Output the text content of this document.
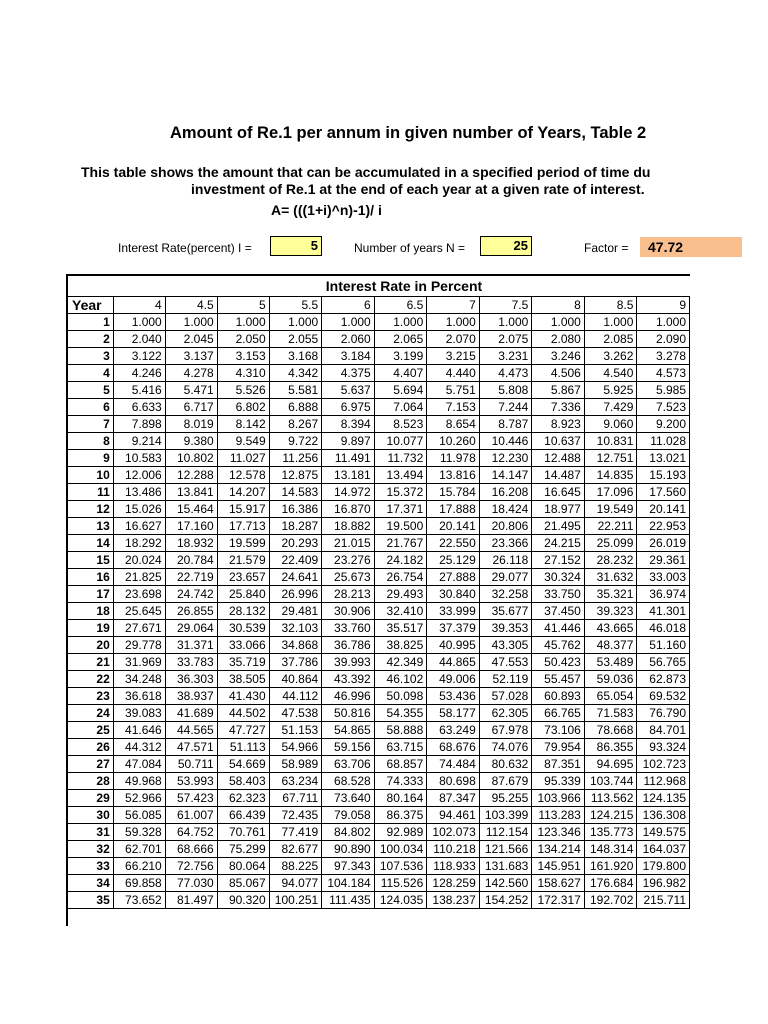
Amount of Re.1 per annum in given number of Years, Table 2
This table shows the amount that can be accumulated in a specified period of time du
investment of Re.1 at the end of each year at a given rate of interest.
A= (((1+i)^n)-1)/ i
Interest Rate(percent) I =	5	Number of years N =	25	Factor =	47.72
Interest Rate in Percent
Year	4	4.5	5	5.5	6	6.5	7	7.5	8	8.5	9
1	1.000	1.000	1.000	1.000	1.000	1.000	1.000	1.000	1.000	1.000	1.000
2	2.040	2.045	2.050	2.055	2.060	2.065	2.070	2.075	2.080	2.085	2.090
3	3.122	3.137	3.153	3.168	3.184	3.199	3.215	3.231	3.246	3.262	3.278
4	4.246	4.278	4.310	4.342	4.375	4.407	4.440	4.473	4.506	4.540	4.573
5	5.416	5.471	5.526	5.581	5.637	5.694	5.751	5.808	5.867	5.925	5.985
6	6.633	6.717	6.802	6.888	6.975	7.064	7.153	7.244	7.336	7.429	7.523
7	7.898	8.019	8.142	8.267	8.394	8.523	8.654	8.787	8.923	9.060	9.200
8	9.214	9.380	9.549	9.722	9.897	10.077	10.260	10.446	10.637	10.831	11.028
9	10.583	10.802	11.027	11.256	11.491	11.732	11.978	12.230	12.488	12.751	13.021
10	12.006	12.288	12.578	12.875	13.181	13.494	13.816	14.147	14.487	14.835	15.193
11	13.486	13.841	14.207	14.583	14.972	15.372	15.784	16.208	16.645	17.096	17.560
12	15.026	15.464	15.917	16.386	16.870	17.371	17.888	18.424	18.977	19.549	20.141
13	16.627	17.160	17.713	18.287	18.882	19.500	20.141	20.806	21.495	22.211	22.953
14	18.292	18.932	19.599	20.293	21.015	21.767	22.550	23.366	24.215	25.099	26.019
15	20.024	20.784	21.579	22.409	23.276	24.182	25.129	26.118	27.152	28.232	29.361
16	21.825	22.719	23.657	24.641	25.673	26.754	27.888	29.077	30.324	31.632	33.003
17	23.698	24.742	25.840	26.996	28.213	29.493	30.840	32.258	33.750	35.321	36.974
18	25.645	26.855	28.132	29.481	30.906	32.410	33.999	35.677	37.450	39.323	41.301
19	27.671	29.064	30.539	32.103	33.760	35.517	37.379	39.353	41.446	43.665	46.018
20	29.778	31.371	33.066	34.868	36.786	38.825	40.995	43.305	45.762	48.377	51.160
21	31.969	33.783	35.719	37.786	39.993	42.349	44.865	47.553	50.423	53.489	56.765
22	34.248	36.303	38.505	40.864	43.392	46.102	49.006	52.119	55.457	59.036	62.873
23	36.618	38.937	41.430	44.112	46.996	50.098	53.436	57.028	60.893	65.054	69.532
24	39.083	41.689	44.502	47.538	50.816	54.355	58.177	62.305	66.765	71.583	76.790
25	41.646	44.565	47.727	51.153	54.865	58.888	63.249	67.978	73.106	78.668	84.701
26	44.312	47.571	51.113	54.966	59.156	63.715	68.676	74.076	79.954	86.355	93.324
27	47.084	50.711	54.669	58.989	63.706	68.857	74.484	80.632	87.351	94.695	102.723
28	49.968	53.993	58.403	63.234	68.528	74.333	80.698	87.679	95.339	103.744	112.968
29	52.966	57.423	62.323	67.711	73.640	80.164	87.347	95.255	103.966	113.562	124.135
30	56.085	61.007	66.439	72.435	79.058	86.375	94.461	103.399	113.283	124.215	136.308
31	59.328	64.752	70.761	77.419	84.802	92.989	102.073	112.154	123.346	135.773	149.575
32	62.701	68.666	75.299	82.677	90.890	100.034	110.218	121.566	134.214	148.314	164.037
33	66.210	72.756	80.064	88.225	97.343	107.536	118.933	131.683	145.951	161.920	179.800
34	69.858	77.030	85.067	94.077	104.184	115.526	128.259	142.560	158.627	176.684	196.982
35	73.652	81.497	90.320	100.251	111.435	124.035	138.237	154.252	172.317	192.702	215.711
